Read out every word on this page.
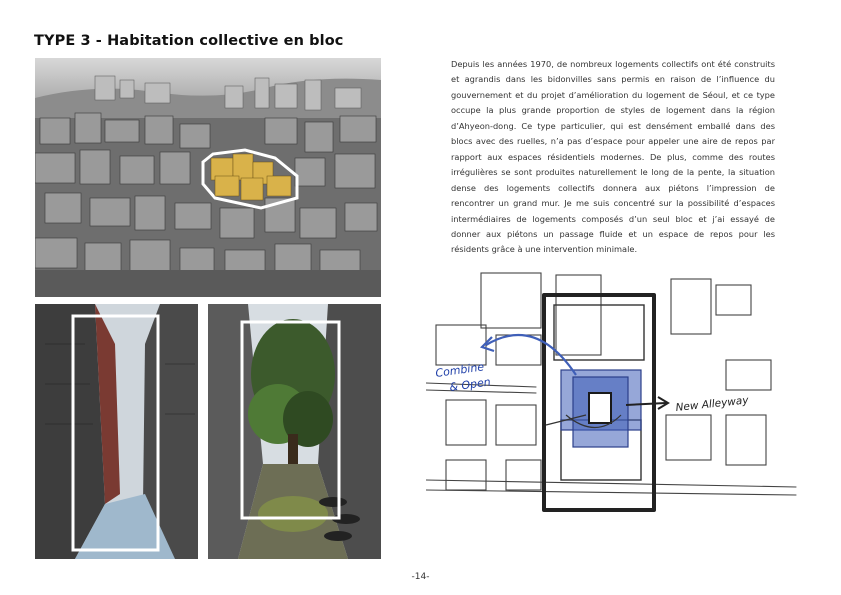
TYPE 3 - Habitation collective en bloc
Depuis les années 1970, de nombreux logements collectifs ont été construits et agrandis dans les bidonvilles sans permis en raison de l’influence du gouvernement et du projet d’amélioration du logement de Séoul, et ce type occupe la plus grande proportion de styles de logement dans la région d’Ahyeon-dong. Ce type particulier, qui est densément emballé dans des blocs avec des ruelles, n’a pas d’espace pour appeler une aire de repos par rapport aux espaces résidentiels modernes. De plus, comme des routes irrégulières se sont produites naturellement le long de la pente, la situation dense des logements collectifs donnera aux piétons l’impression de rencontrer un grand mur. Je me suis concentré sur la possibilité d’espaces intermédiaires de logements composés d’un seul bloc et j’ai essayé de donner aux piétons un passage fluide et un espace de repos pour les résidents grâce à une intervention minimale.
Combine
& Open
New Alleyway
-14-
